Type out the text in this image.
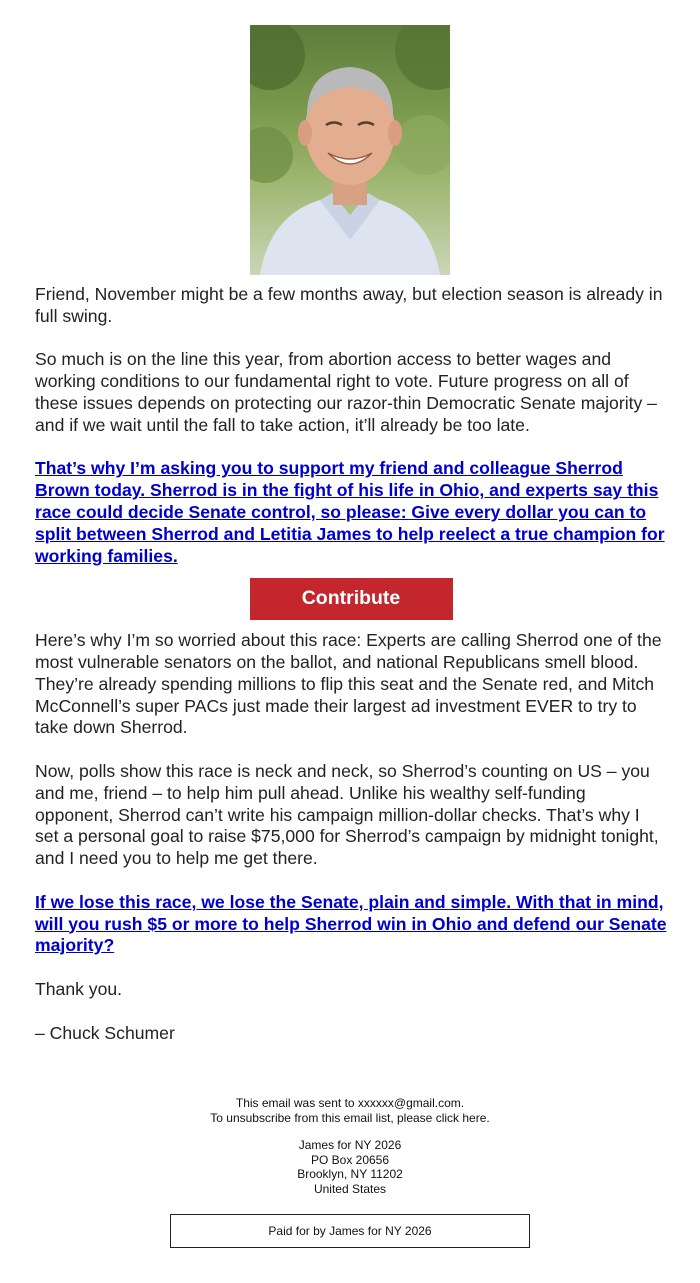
Friend, November might be a few months away, but election season is already in full swing.

So much is on the line this year, from abortion access to better wages and working conditions to our fundamental right to vote. Future progress on all of these issues depends on protecting our razor-thin Democratic Senate majority – and if we wait until the fall to take action, it’ll already be too late.

That’s why I’m asking you to support my friend and colleague Sherrod Brown today. Sherrod is in the fight of his life in Ohio, and experts say this race could decide Senate control, so please: Give every dollar you can to split between Sherrod and Letitia James to help reelect a true champion for working families.

Contribute

Here’s why I’m so worried about this race: Experts are calling Sherrod one of the most vulnerable senators on the ballot, and national Republicans smell blood. They’re already spending millions to flip this seat and the Senate red, and Mitch McConnell’s super PACs just made their largest ad investment EVER to try to take down Sherrod.

Now, polls show this race is neck and neck, so Sherrod’s counting on US – you and me, friend – to help him pull ahead. Unlike his wealthy self-funding opponent, Sherrod can’t write his campaign million-dollar checks. That’s why I set a personal goal to raise $75,000 for Sherrod’s campaign by midnight tonight, and I need you to help me get there.

If we lose this race, we lose the Senate, plain and simple. With that in mind, will you rush $5 or more to help Sherrod win in Ohio and defend our Senate majority?

Thank you.

– Chuck Schumer

This email was sent to xxxxxx@gmail.com.

To unsubscribe from this email list, please click here.

James for NY 2026

PO Box 20656

Brooklyn, NY 11202

United States

Paid for by James for NY 2026
